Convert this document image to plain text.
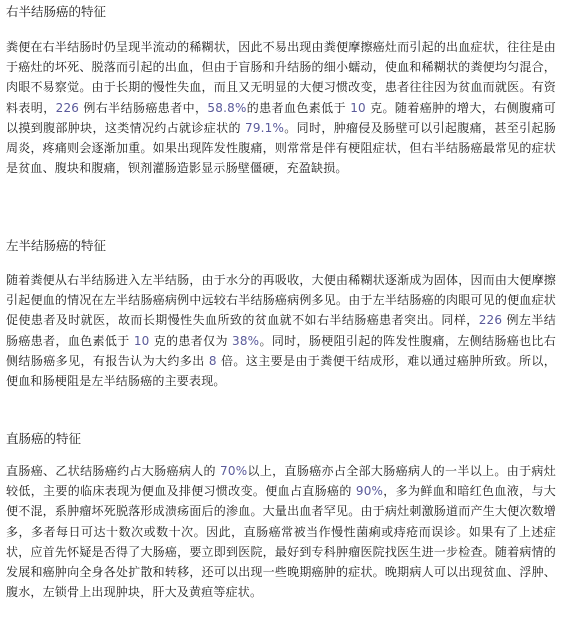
右半结肠癌的特征

粪便在右半结肠时仍呈现半流动的稀糊状，因此不易出现由粪便摩擦癌灶而引起的出血症状，往往是由于癌灶的坏死、脱落而引起的出血，但由于盲肠和升结肠的细小蠕动，使血和稀糊状的粪便均匀混合，肉眼不易察觉。由于长期的慢性失血，而且又无明显的大便习惯改变，患者往往因为贫血而就医。有资料表明，226 例右半结肠癌患者中，58.8%的患者血色素低于 10 克。随着癌肿的增大，右侧腹痛可以摸到腹部肿块，这类情况约占就诊症状的 79.1%。同时，肿瘤侵及肠壁可以引起腹痛，甚至引起肠周炎，疼痛则会逐渐加重。如果出现阵发性腹痛，则常常是伴有梗阻症状，但右半结肠癌最常见的症状是贫血、腹块和腹痛，钡剂灌肠造影显示肠壁僵硬，充盈缺损。

左半结肠癌的特征

随着粪便从右半结肠进入左半结肠，由于水分的再吸收，大便由稀糊状逐渐成为固体，因而由大便摩擦引起便血的情况在左半结肠癌病例中远较右半结肠癌病例多见。由于左半结肠癌的肉眼可见的便血症状促使患者及时就医，故而长期慢性失血所致的贫血就不如右半结肠癌患者突出。同样，226 例左半结肠癌患者，血色素低于 10 克的患者仅为 38%。同时，肠梗阻引起的阵发性腹痛，左侧结肠癌也比右侧结肠癌多见，有报告认为大约多出 8 倍。这主要是由于粪便干结成形，难以通过癌肿所致。所以，便血和肠梗阻是左半结肠癌的主要表现。

直肠癌的特征

直肠癌、乙状结肠癌约占大肠癌病人的 70%以上，直肠癌亦占全部大肠癌病人的一半以上。由于病灶较低，主要的临床表现为便血及排便习惯改变。便血占直肠癌的 90%，多为鲜血和暗红色血液，与大便不混，系肿瘤坏死脱落形成溃疡面后的渗血。大量出血者罕见。由于病灶刺激肠道而产生大便次数增多，多者每日可达十数次或数十次。因此，直肠癌常被当作慢性菌痢或痔疮而误诊。如果有了上述症状，应首先怀疑是否得了大肠癌，要立即到医院，最好到专科肿瘤医院找医生进一步检查。随着病情的发展和癌肿向全身各处扩散和转移，还可以出现一些晚期癌肿的症状。晚期病人可以出现贫血、浮肿、腹水，左锁骨上出现肿块，肝大及黄疸等症状。
